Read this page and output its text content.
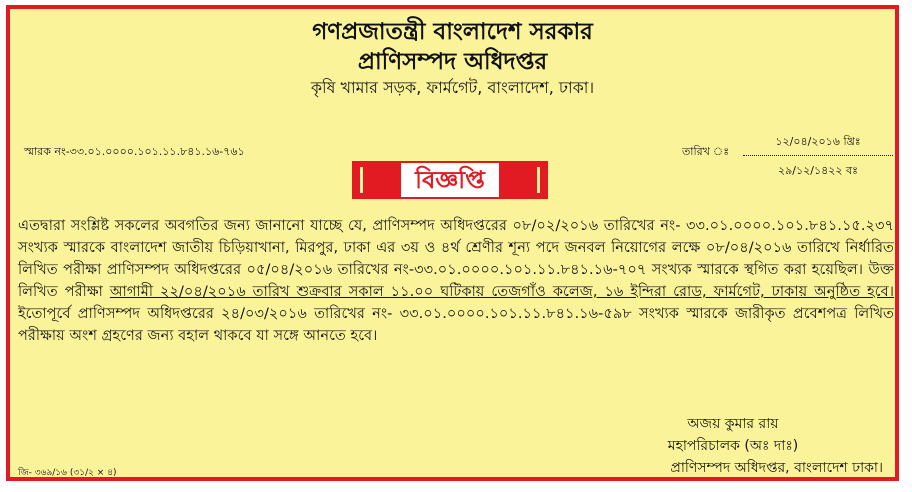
গণপ্রজাতন্ত্রী বাংলাদেশ সরকার
প্রাণিসম্পদ অধিদপ্তর
কৃষি খামার সড়ক, ফার্মগেট, বাংলাদেশ, ঢাকা।
স্মারক নং-৩৩.০১.০০০০.১০১.১১.৮৪১.১৬-৭৬১	তারিখ ঃ
১২/০৪/২০১৬ খ্রিঃ
২৯/১২/১৪২২ বঃ
বিজ্ঞপ্তি
এতদ্বারা সংশ্লিষ্ট সকলের অবগতির জন্য জানানো যাচ্ছে যে, প্রাণিসম্পদ অধিদপ্তরের ০৮/০২/২০১৬ তারিখের নং- ৩৩.০১.০০০০.১০১.৮৪১.১৫.২৩৭ সংখ্যক স্মারকে বাংলাদেশ জাতীয় চিড়িয়াখানা, মিরপুর, ঢাকা এর ৩য় ও ৪র্থ শ্রেণীর শূন্য পদে জনবল নিয়োগের লক্ষে ০৮/০৪/২০১৬ তারিখে নির্ধারিত লিখিত পরীক্ষা প্রাণিসম্পদ অধিদপ্তরের ০৫/০৪/২০১৬ তারিখের নং-৩৩.০১.০০০০.১০১.১১.৮৪১.১৬-৭০৭ সংখ্যক স্মারকে স্থগিত করা হয়েছিল। উক্ত লিখিত পরীক্ষা আগামী ২২/০৪/২০১৬ তারিখ শুক্রবার সকাল ১১.০০ ঘটিকায় তেজগাঁও কলেজ, ১৬ ইন্দিরা রোড, ফার্মগেট, ঢাকায় অনুষ্ঠিত হবে। ইতোপূর্বে প্রাণিসম্পদ অধিদপ্তরের ২৪/০৩/২০১৬ তারিখের নং- ৩৩.০১.০০০০.১০১.১১.৮৪১.১৬-৫৯৮ সংখ্যক স্মারকে জারীকৃত প্রবেশপত্র লিখিত পরীক্ষায় অংশ গ্রহণের জন্য বহাল থাকবে যা সঙ্গে আনতে হবে।
অজয় কুমার রায়
মহাপরিচালক (অঃ দাঃ)
প্রাণিসম্পদ অধিদপ্তর, বাংলাদেশ ঢাকা।
জি- ৩৬৯/১৬ (৩১/২ × ৪)
